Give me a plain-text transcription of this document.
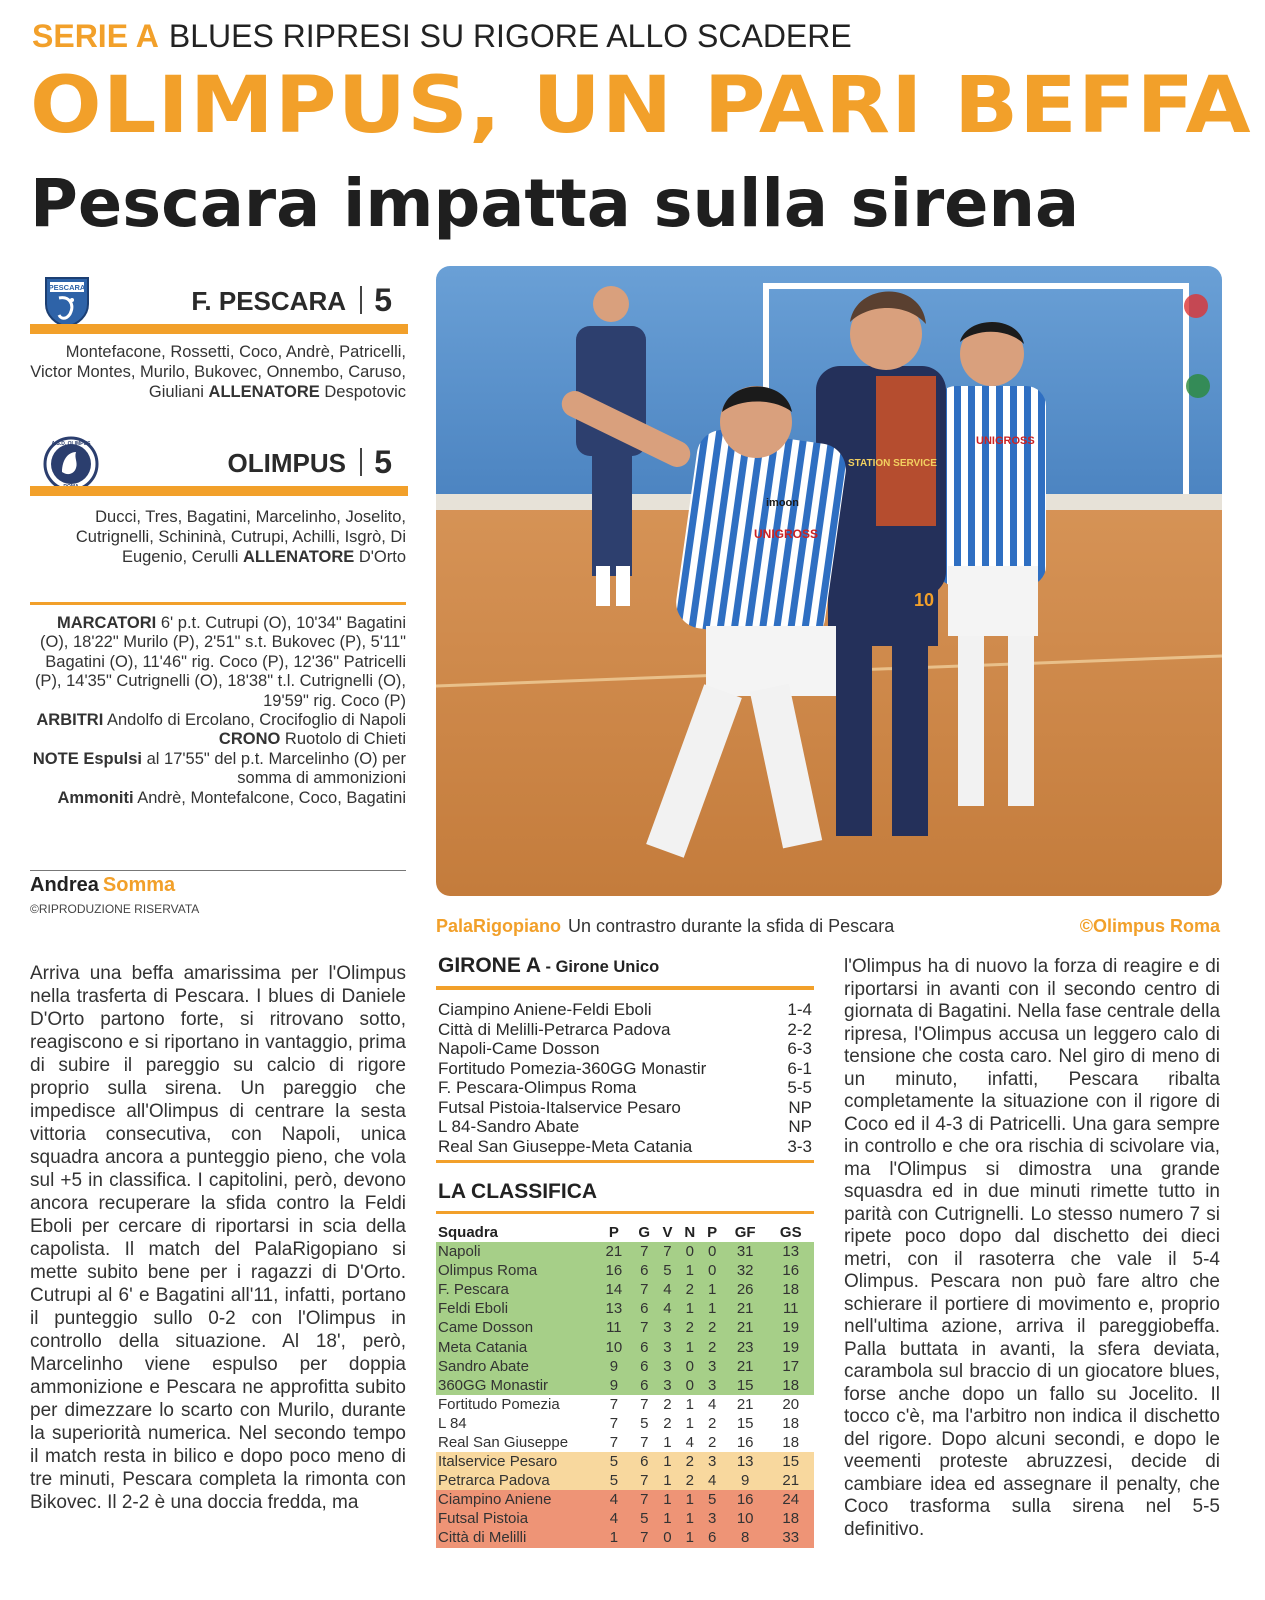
SERIE A BLUES RIPRESI SU RIGORE ALLO SCADERE
OLIMPUS, UN PARI BEFFA
Pescara impatta sulla sirena
PESCARA	F. PESCARA 5
Montefacone, Rossetti, Coco, Andrè, Patricelli, Victor Montes, Murilo, Bukovec, Onnembo, Caruso, Giuliani ALLENATORE Despotovic
A.S.D. OLIMPUS
OLIMPUS 5
Ducci, Tres, Bagatini, Marcelinho, Joselito, Cutrignelli, Schininà, Cutrupi, Achilli, Isgrò, Di Eugenio, Cerulli ALLENATORE D'Orto
MARCATORI 6' p.t. Cutrupi (O), 10'34" Bagatini (O), 18'22" Murilo (P), 2'51" s.t. Bukovec (P), 5'11" Bagatini (O), 11'46" rig. Coco (P), 12'36" Patricelli (P), 14'35" Cutrignelli (O), 18'38" t.l. Cutrignelli (O), 19'59" rig. Coco (P)
ARBITRI Andolfo di Ercolano, Crocifoglio di Napoli CRONO Ruotolo di Chieti
NOTE Espulsi al 17'55" del p.t. Marcelinho (O) per somma di ammonizioni
Ammoniti Andrè, Montefalcone, Coco, Bagatini
Andrea Somma
©RIPRODUZIONE RISERVATA
UNIGROSS
STATION SERVICE
10
imoon
UNIGROSS
PalaRigopiano Un contrastro durante la sfida di Pescara	©Olimpus Roma
Arriva una beffa amarissima per l'Olimpus nella trasferta di Pescara. I blues di Daniele D'Orto partono forte, si ritrovano sotto, reagiscono e si riportano in vantaggio, prima di subire il pareggio su calcio di rigore proprio sulla sirena. Un pareggio che impedisce all'Olimpus di centrare la sesta vittoria consecutiva, con Napoli, unica squadra ancora a punteggio pieno, che vola sul +5 in classifica. I capitolini, però, devono ancora recuperare la sfida contro la Feldi Eboli per cercare di riportarsi in scia della capolista. Il match del PalaRigopiano si mette subito bene per i ragazzi di D'Orto. Cutrupi al 6' e Bagatini all'11, infatti, portano il punteggio sullo 0-2 con l'Olimpus in controllo della situazione. Al 18', però, Marcelinho viene espulso per doppia ammonizione e Pescara ne approfitta subito per dimezzare lo scarto con Murilo, durante la superiorità numerica. Nel secondo tempo il match resta in bilico e dopo poco meno di tre minuti, Pescara completa la rimonta con Bikovec. Il 2-2 è una doccia fredda, ma
l'Olimpus ha di nuovo la forza di reagire e di riportarsi in avanti con il secondo centro di giornata di Bagatini. Nella fase centrale della ripresa, l'Olimpus accusa un leggero calo di tensione che costa caro. Nel giro di meno di un minuto, infatti, Pescara ribalta completamente la situazione con il rigore di Coco ed il 4-3 di Patricelli. Una gara sempre in controllo e che ora rischia di scivolare via, ma l'Olimpus si dimostra una grande squasdra ed in due minuti rimette tutto in parità con Cutrignelli. Lo stesso numero 7 si ripete poco dopo dal dischetto dei dieci metri, con il rasoterra che vale il 5-4 Olimpus. Pescara non può fare altro che schierare il portiere di movimento e, proprio nell'ultima azione, arriva il pareggiobeffa. Palla buttata in avanti, la sfera deviata, carambola sul braccio di un giocatore blues, forse anche dopo un fallo su Jocelito. Il tocco c'è, ma l'arbitro non indica il dischetto del rigore. Dopo alcuni secondi, e dopo le veementi proteste abruzzesi, decide di cambiare idea ed assegnare il penalty, che Coco trasforma sulla sirena nel 5-5 definitivo.
GIRONE A - Girone Unico
Ciampino Aniene-Feldi Eboli	1-4
Città di Melilli-Petrarca Padova	2-2
Napoli-Came Dosson	6-3
Fortitudo Pomezia-360GG Monastir	6-1
F. Pescara-Olimpus Roma	5-5
Futsal Pistoia-Italservice Pesaro	NP
L 84-Sandro Abate	NP
Real San Giuseppe-Meta Catania	3-3
LA CLASSIFICA
Squadra	P	G	V	N	P	GF	GS
Napoli	21	7	7	0	0	31	13
Olimpus Roma	16	6	5	1	0	32	16
F. Pescara	14	7	4	2	1	26	18
Feldi Eboli	13	6	4	1	1	21	11
Came Dosson	11	7	3	2	2	21	19
Meta Catania	10	6	3	1	2	23	19
Sandro Abate	9	6	3	0	3	21	17
360GG Monastir	9	6	3	0	3	15	18
Fortitudo Pomezia	7	7	2	1	4	21	20
L 84	7	5	2	1	2	15	18
Real San Giuseppe	7	7	1	4	2	16	18
Italservice Pesaro	5	6	1	2	3	13	15
Petrarca Padova	5	7	1	2	4	9	21
Ciampino Aniene	4	7	1	1	5	16	24
Futsal Pistoia	4	5	1	1	3	10	18
Città di Melilli	1	7	0	1	6	8	33
